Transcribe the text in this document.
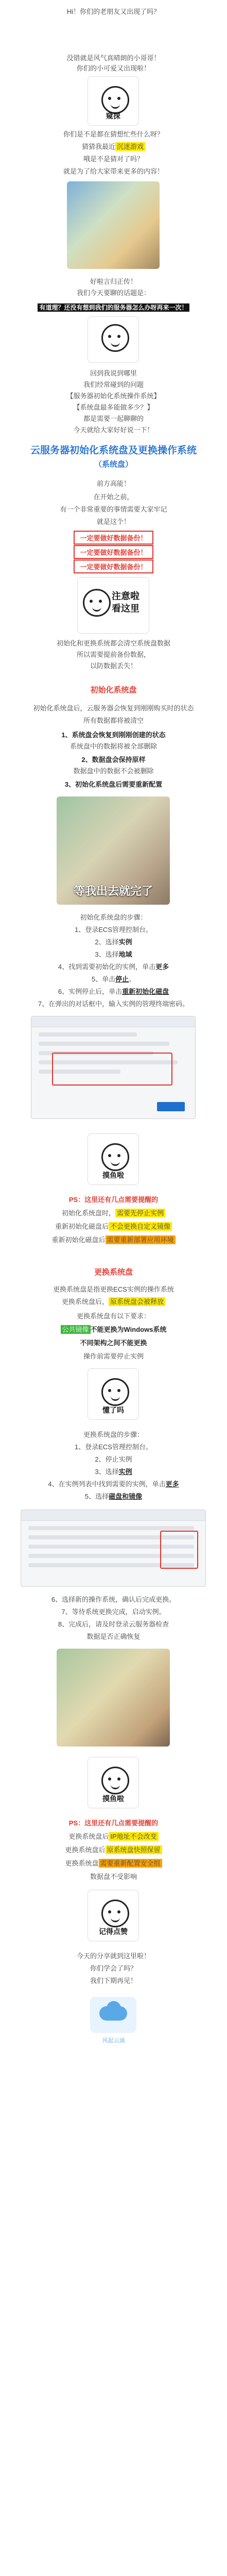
Hi！你们的老朋友又出现了吗？
没错就是风气真晴朗的小哥哥！
你们的小可爱又出现啦！
窥探
你们是不是都在猜想忙些什么呀？
猜猜我最近 沉迷游戏
哦是不是猜对了吗？
就是为了给大家带来更多的内容！
好啦言归正传！
我们今天要聊的话题是：
有道理？还没有想到我们的服务器怎么办呀再来一次！
回到我说到哪里
我们经常碰到的问题
【服务器初始化系统操作系统】
【系统盘最多能做多少？】
都是需要一起聊聊的
今天就给大家好好说一下！
云服务器初始化系统盘及更换操作系统
（系统盘）
前方高能！
在开始之前，
有一个非常重要的事情需要大家牢记
就是这个！
一定要做好数据备份！
一定要做好数据备份！
一定要做好数据备份！
注意啦看这里
初始化和更换系统都会清空系统盘数据
所以需要提前备份数据，
以防数据丢失！
初始化系统盘
初始化系统盘后，云服务器会恢复到刚刚购买时的状态
所有数据都将被清空
1、系统盘会恢复到刚刚创建的状态
系统盘中的数据将被全部删除
2、数据盘会保持原样
数据盘中的数据不会被删除
3、初始化系统盘后需要重新配置
等我出去就完了
初始化系统盘的步骤：
1、登录ECS管理控制台。
2、选择实例
3、选择地域
4、找到需要初始化的实例，单击更多
5、单击停止。
6、实例停止后，单击重新初始化磁盘
7、在弹出的对话框中，输入实例的管理终端密码。
摸鱼啦
PS：这里还有几点需要提醒的
初始化系统盘时， 需要先停止实例
重新初始化磁盘后 不会更换自定义镜像
重新初始化磁盘后 需要重新部署应用环境
更换系统盘
更换系统盘是指更换ECS实例的操作系统
更换系统盘后， 原系统盘会被释放
更换系统盘有以下要求：
公共镜像 不能更换为Windows系统
不同架构之间不能更换
操作前需要停止实例
懂了吗
更换系统盘的步骤：
1、登录ECS管理控制台。
2、停止实例
3、选择实例
4、在实例列表中找到需要的实例，单击更多
5、选择磁盘和镜像
6、选择新的操作系统，确认后完成更换。
7、等待系统更换完成，启动实例。
8、完成后，请及时登录云服务器检查
数据是否正确恢复
摸鱼啦
PS：这里还有几点需要提醒的
更换系统盘后 IP地址不会改变
更换系统盘后 原系统盘快照保留
更换系统盘 需要重新配置安全组
数据盘不受影响
记得点赞
今天的分享就到这里啦！
你们学会了吗？
我们下期再见！
风起云涌
